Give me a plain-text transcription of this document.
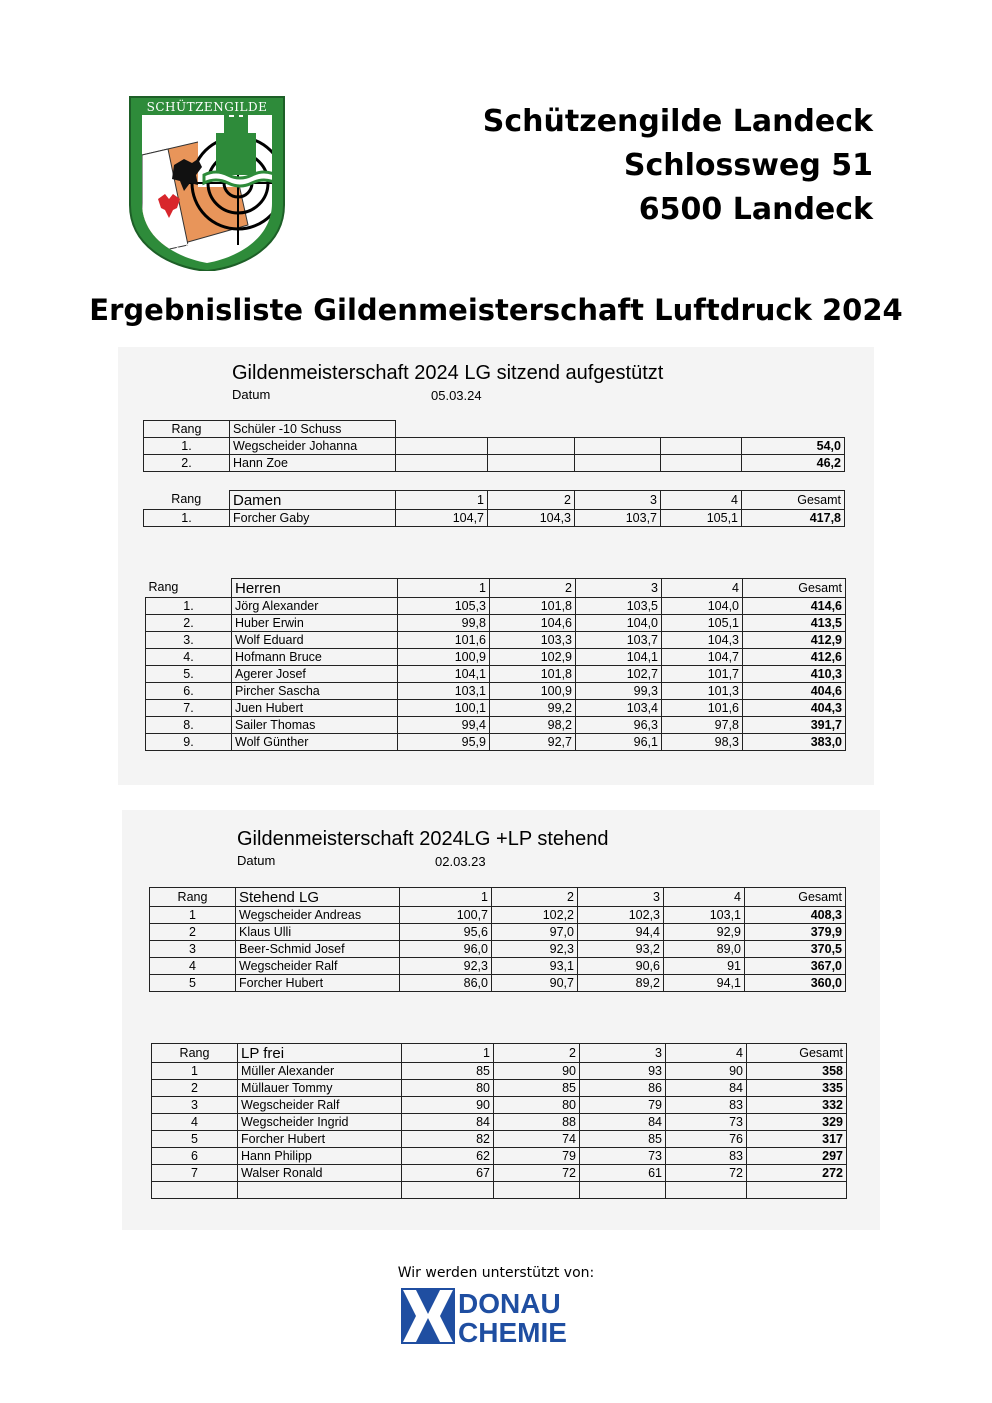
SCHÜTZENGILDE
LANDECK
Schützengilde Landeck
Schlossweg 51
6500 Landeck
Ergebnisliste Gildenmeisterschaft Luftdruck 2024
Gildenmeisterschaft 2024 LG sitzend aufgestützt
Datum	05.03.24
Rang	Schüler -10 Schuss					
1.	Wegscheider Johanna					54,0
2.	Hann Zoe					46,2
Rang	Damen	1	2	3	4	Gesamt
1.	Forcher Gaby	104,7	104,3	103,7	105,1	417,8
Rang	Herren	1	2	3	4	Gesamt
1.	Jörg Alexander	105,3	101,8	103,5	104,0	414,6
2.	Huber Erwin	99,8	104,6	104,0	105,1	413,5
3.	Wolf Eduard	101,6	103,3	103,7	104,3	412,9
4.	Hofmann Bruce	100,9	102,9	104,1	104,7	412,6
5.	Agerer Josef	104,1	101,8	102,7	101,7	410,3
6.	Pircher Sascha	103,1	100,9	99,3	101,3	404,6
7.	Juen Hubert	100,1	99,2	103,4	101,6	404,3
8.	Sailer Thomas	99,4	98,2	96,3	97,8	391,7
9.	Wolf Günther	95,9	92,7	96,1	98,3	383,0
Gildenmeisterschaft 2024LG +LP stehend
Datum	02.03.23
Rang	Stehend LG	1	2	3	4	Gesamt
1	Wegscheider Andreas	100,7	102,2	102,3	103,1	408,3
2	Klaus Ulli	95,6	97,0	94,4	92,9	379,9
3	Beer-Schmid Josef	96,0	92,3	93,2	89,0	370,5
4	Wegscheider Ralf	92,3	93,1	90,6	91	367,0
5	Forcher Hubert	86,0	90,7	89,2	94,1	360,0
Rang	LP frei	1	2	3	4	Gesamt
1	Müller Alexander	85	90	93	90	358
2	Müllauer Tommy	80	85	86	84	335
3	Wegscheider Ralf	90	80	79	83	332
4	Wegscheider Ingrid	84	88	84	73	329
5	Forcher Hubert	82	74	85	76	317
6	Hann Philipp	62	79	73	83	297
7	Walser Ronald	67	72	61	72	272

Wir werden unterstützt von:
DONAU
CHEMIE
